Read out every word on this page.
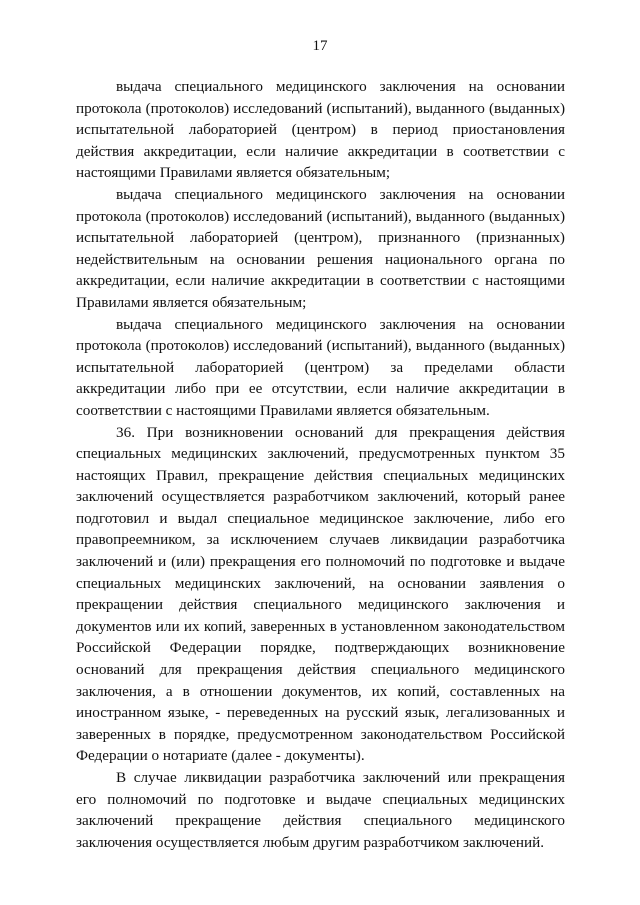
17

выдача специального медицинского заключения на основании протокола (протоколов) исследований (испытаний), выданного (выданных) испытательной лабораторией (центром) в период приостановления действия аккредитации, если наличие аккредитации в соответствии с настоящими Правилами является обязательным;

выдача специального медицинского заключения на основании протокола (протоколов) исследований (испытаний), выданного (выданных) испытательной лабораторией (центром), признанного (признанных) недействительным на основании решения национального органа по аккредитации, если наличие аккредитации в соответствии с настоящими Правилами является обязательным;

выдача специального медицинского заключения на основании протокола (протоколов) исследований (испытаний), выданного (выданных) испытательной лабораторией (центром) за пределами области аккредитации либо при ее отсутствии, если наличие аккредитации в соответствии с настоящими Правилами является обязательным.

36. При возникновении оснований для прекращения действия специальных медицинских заключений, предусмотренных пунктом 35 настоящих Правил, прекращение действия специальных медицинских заключений осуществляется разработчиком заключений, который ранее подготовил и выдал специальное медицинское заключение, либо его правопреемником, за исключением случаев ликвидации разработчика заключений и (или) прекращения его полномочий по подготовке и выдаче специальных медицинских заключений, на основании заявления о прекращении действия специального медицинского заключения и документов или их копий, заверенных в установленном законодательством Российской Федерации порядке, подтверждающих возникновение оснований для прекращения действия специального медицинского заключения, а в отношении документов, их копий, составленных на иностранном языке, - переведенных на русский язык, легализованных и заверенных в порядке, предусмотренном законодательством Российской Федерации о нотариате (далее - документы).

В случае ликвидации разработчика заключений или прекращения его полномочий по подготовке и выдаче специальных медицинских заключений прекращение действия специального медицинского заключения осуществляется любым другим разработчиком заключений.
